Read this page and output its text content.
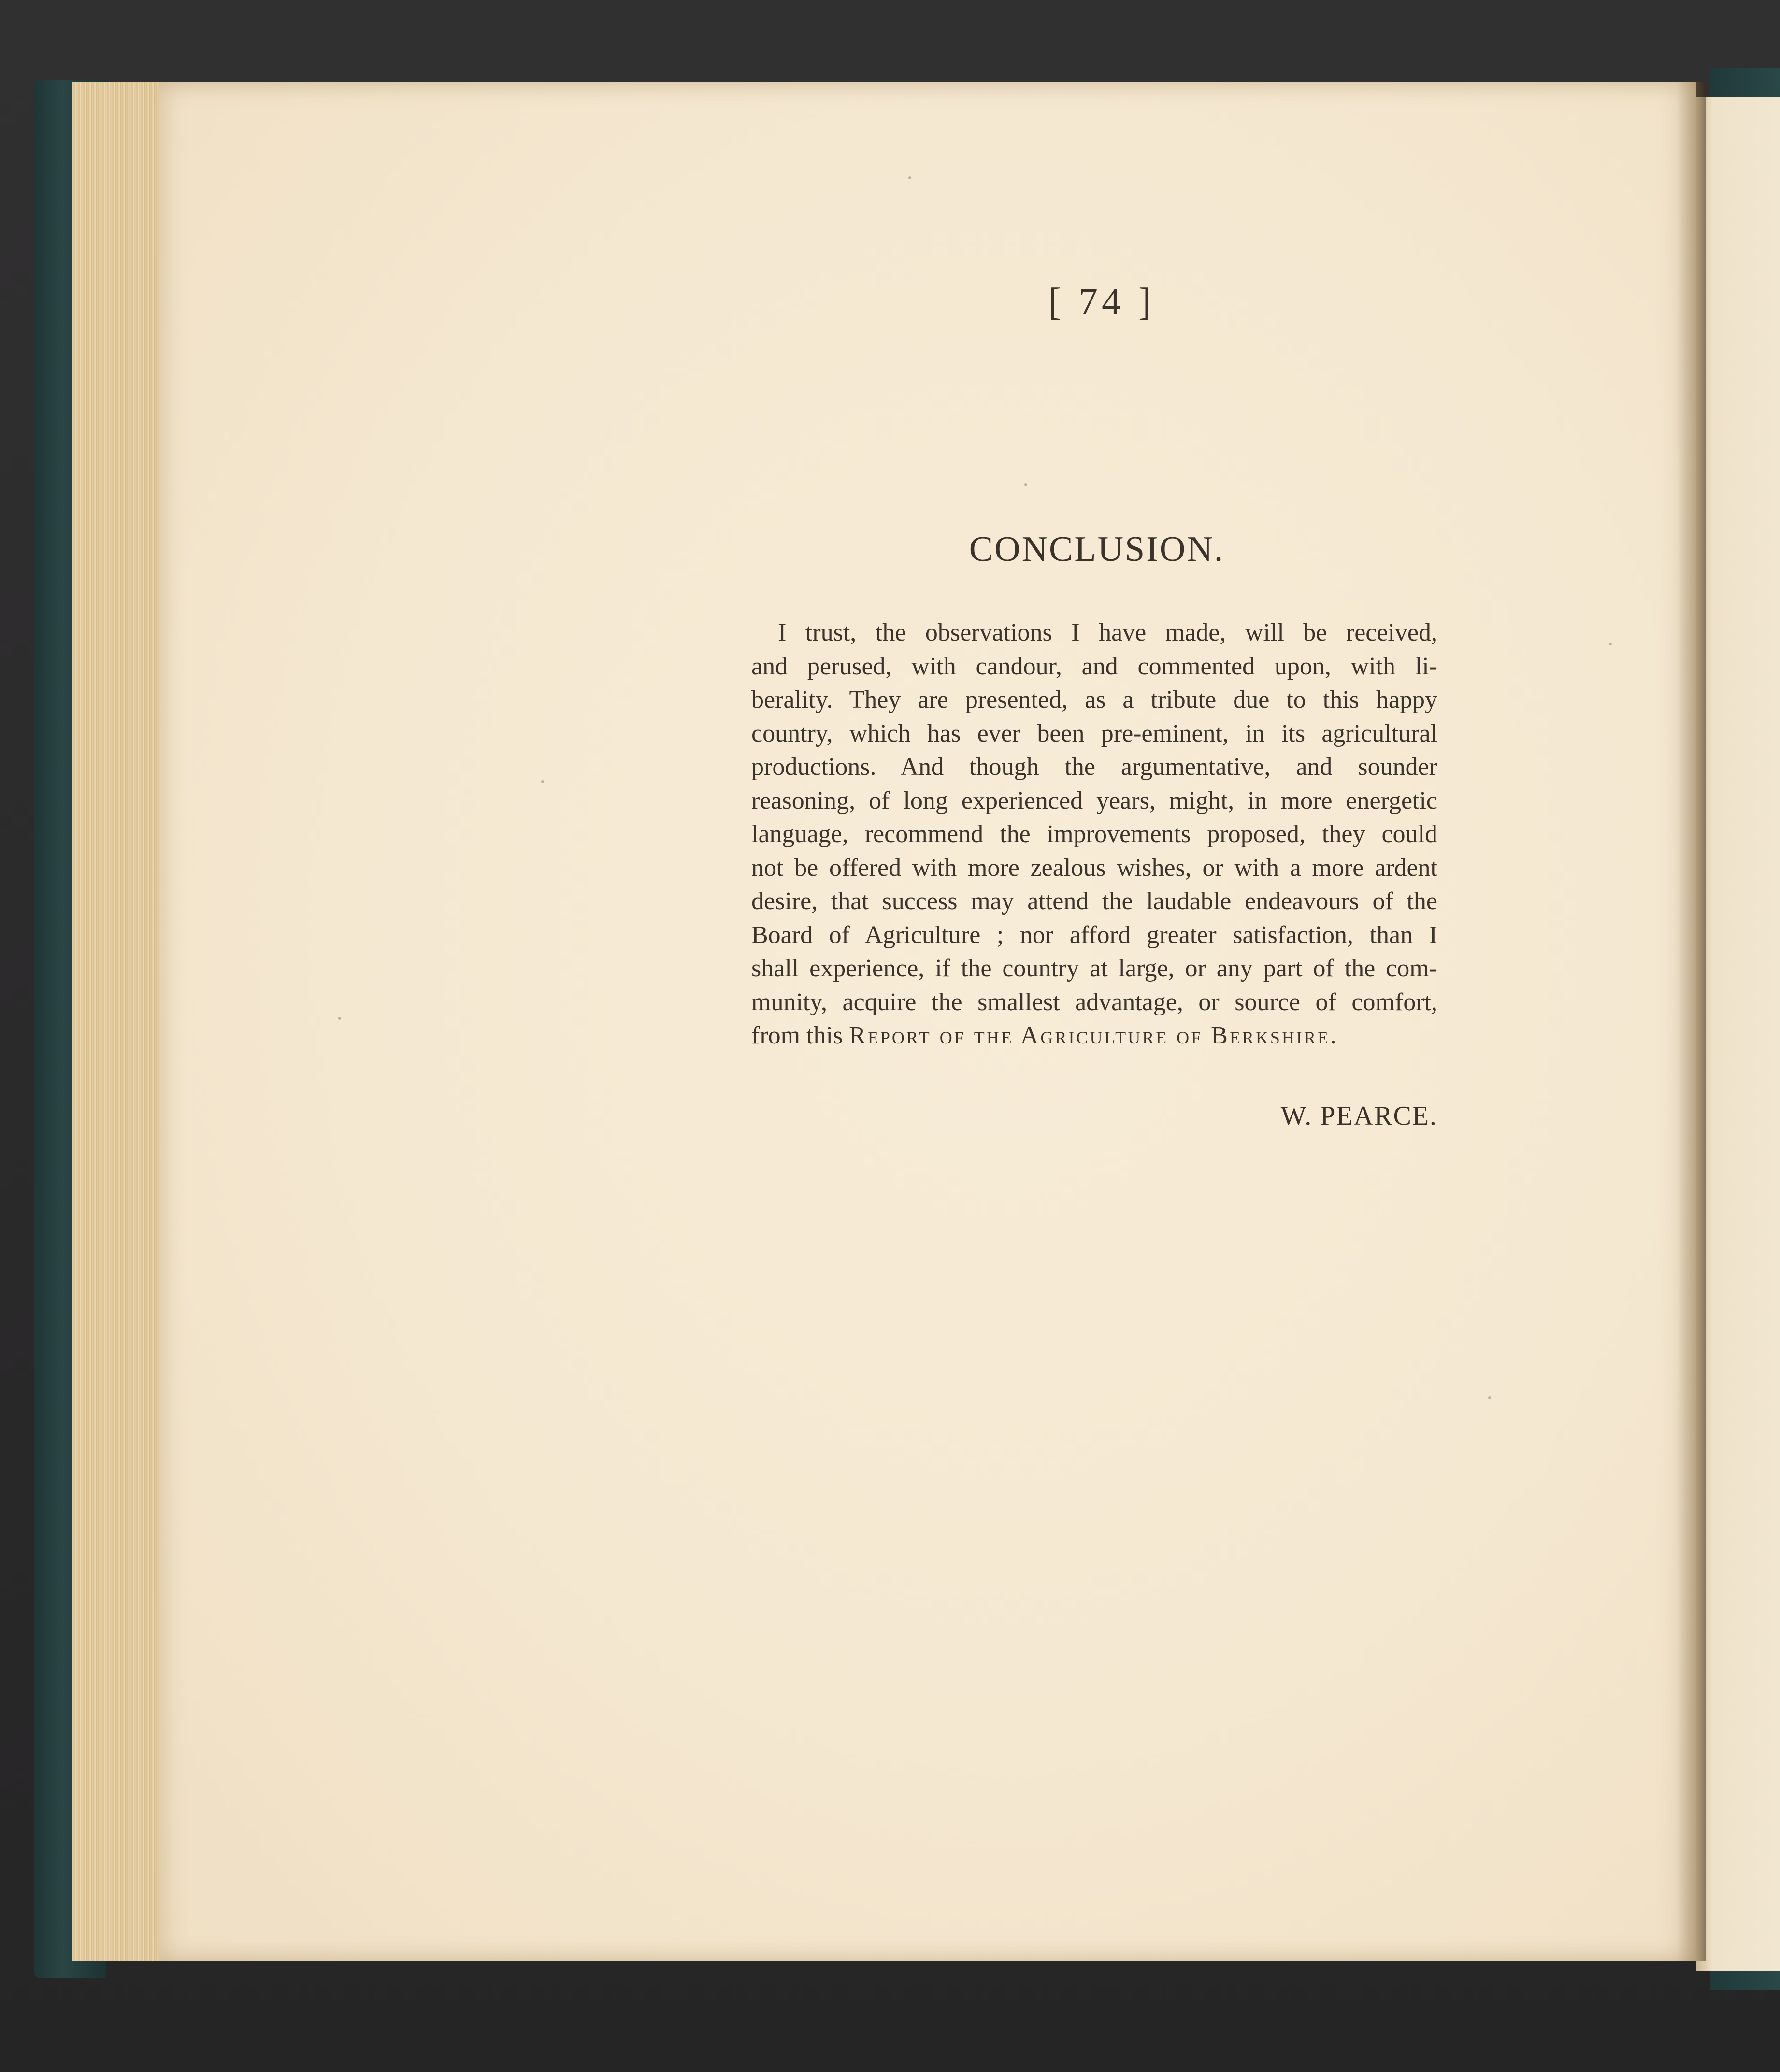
[ 74 ]
CONCLUSION.
I trust, the observations I have made, will be received,
and perused, with candour, and commented upon, with li-
berality. They are presented, as a tribute due to this happy
country, which has ever been pre-eminent, in its agricultural
productions. And though the argumentative, and sounder
reasoning, of long experienced years, might, in more energetic
language, recommend the improvements proposed, they could
not be offered with more zealous wishes, or with a more ardent
desire, that success may attend the laudable endeavours of the
Board of Agriculture ; nor afford greater satisfaction, than I
shall experience, if the country at large, or any part of the com-
munity, acquire the smallest advantage, or source of comfort,
from this Report of the Agriculture of Berkshire.
W. PEARCE.
